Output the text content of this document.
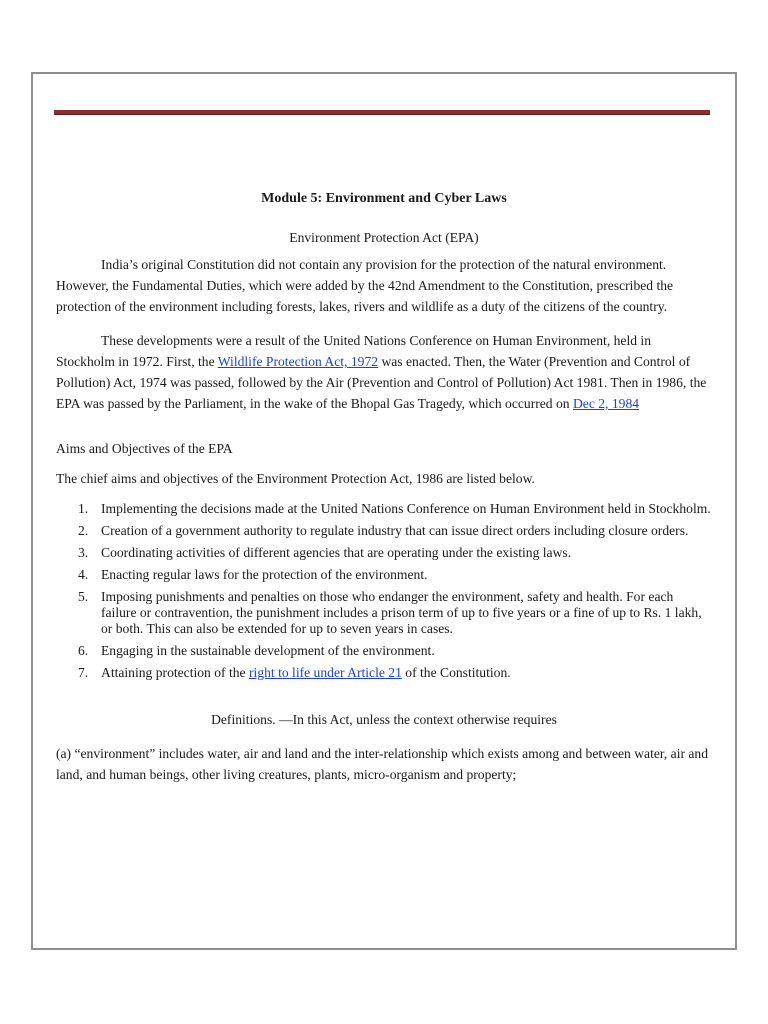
Module 5: Environment and Cyber Laws
Environment Protection Act (EPA)

India’s original Constitution did not contain any provision for the protection of the natural environment. However, the Fundamental Duties, which were added by the 42nd Amendment to the Constitution, prescribed the protection of the environment including forests, lakes, rivers and wildlife as a duty of the citizens of the country.

These developments were a result of the United Nations Conference on Human Environment, held in Stockholm in 1972. First, the Wildlife Protection Act, 1972 was enacted. Then, the Water (Prevention and Control of Pollution) Act, 1974 was passed, followed by the Air (Prevention and Control of Pollution) Act 1981. Then in 1986, the EPA was passed by the Parliament, in the wake of the Bhopal Gas Tragedy, which occurred on Dec 2, 1984

Aims and Objectives of the EPA

The chief aims and objectives of the Environment Protection Act, 1986 are listed below.

1. Implementing the decisions made at the United Nations Conference on Human Environment held in Stockholm.
2. Creation of a government authority to regulate industry that can issue direct orders including closure orders.
3. Coordinating activities of different agencies that are operating under the existing laws.
4. Enacting regular laws for the protection of the environment.
5. Imposing punishments and penalties on those who endanger the environment, safety and health. For each failure or contravention, the punishment includes a prison term of up to five years or a fine of up to Rs. 1 lakh, or both. This can also be extended for up to seven years in cases.
6. Engaging in the sustainable development of the environment.
7. Attaining protection of the right to life under Article 21 of the Constitution.

Definitions. —In this Act, unless the context otherwise requires

(a) “environment” includes water, air and land and the inter-relationship which exists among and between water, air and land, and human beings, other living creatures, plants, micro-organism and property;
